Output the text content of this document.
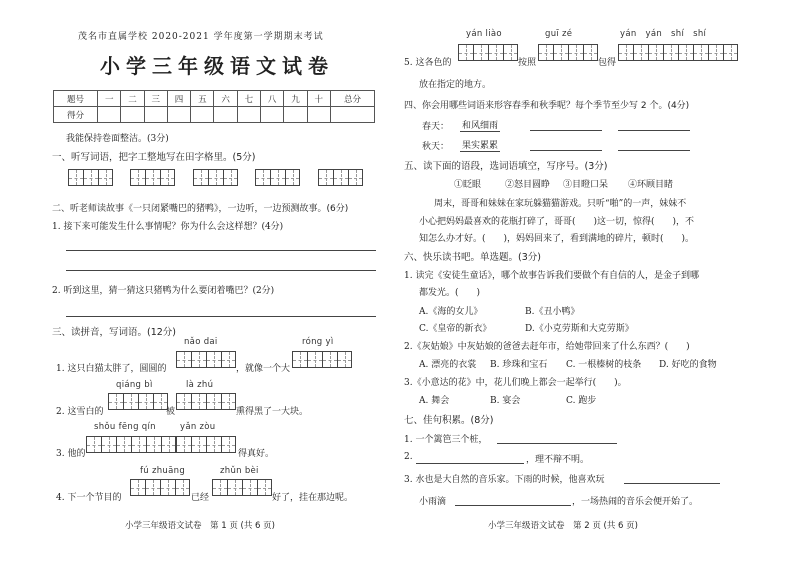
茂名市直属学校 2020-2021 学年度第一学期期末考试
小学三年级语文试卷
题号	一	二	三	四	五	六	七	八	九	十	总分
得分											
我能保持卷面整洁。(3分)
一、听写词语，把字工整地写在田字格里。(5分)
二、听老师读故事《一只闭紧嘴巴的猪鸭》，一边听，一边预测故事。(6分)
1. 接下来可能发生什么事情呢？你为什么会这样想？(4分)
2. 听到这里，猜一猜这只猪鸭为什么要闭着嘴巴？(2分)
三、读拼音，写词语。(12分)
nǎo dai	róng yì
1. 这只白猫太胖了，圆圆的	，就像一个大
qiáng bì	là zhú
2. 这雪白的	被	熏得黑了一大块。
shǒu fēng qín	yǎn zòu
3. 他的	得真好。
fú zhuāng	zhǔn bèi
4. 下一个节目的	已经	好了，挂在那边呢。
小学三年级语文试卷　第 1 页 (共 6 页)
yán liào	guī zé	yán yán shí shí
5. 这各色的	按照	包得
放在指定的地方。
四、你会用哪些词语来形容春季和秋季呢？每个季节至少写 2 个。(4分)
春天： 和风细雨
秋天： 果实累累
五、读下面的语段，选词语填空，写序号。(3分)
①眨眼	②怒目圆睁 ③目瞪口呆 ④环顾目睹
周末，哥哥和妹妹在家玩躲猫猫游戏。只听“啪”的一声，妹妹不
小心把妈妈最喜欢的花瓶打碎了，哥哥(　　)这一切，惊得(　　)，不
知怎么办才好。(　　)，妈妈回来了，看到满地的碎片，顿时(　　)。
六、快乐读书吧。单选题。(3分)
1. 读完《安徒生童话》，哪个故事告诉我们要做个有自信的人，是金子到哪
都发光。(　　)
A.《海的女儿》	B.《丑小鸭》
C.《皇帝的新衣》	D.《小克劳斯和大克劳斯》
2.《灰姑娘》中灰姑娘的爸爸去赶年市，给她带回来了什么东西？(　　)
A. 漂亮的衣裳 B. 珍珠和宝石 C. 一根榛树的枝条 D. 好吃的食物
3.《小意达的花》中，花儿们晚上都会一起举行(　　)。
A. 舞会	B. 宴会	C. 跑步
七、佳句积累。(8分)
1. 一个篱笆三个桩，
2.	，理不辩不明。
3. 水也是大自然的音乐家。下雨的时候，他喜欢玩
小雨滴	，一场热闹的音乐会便开始了。
小学三年级语文试卷　第 2 页 (共 6 页)
